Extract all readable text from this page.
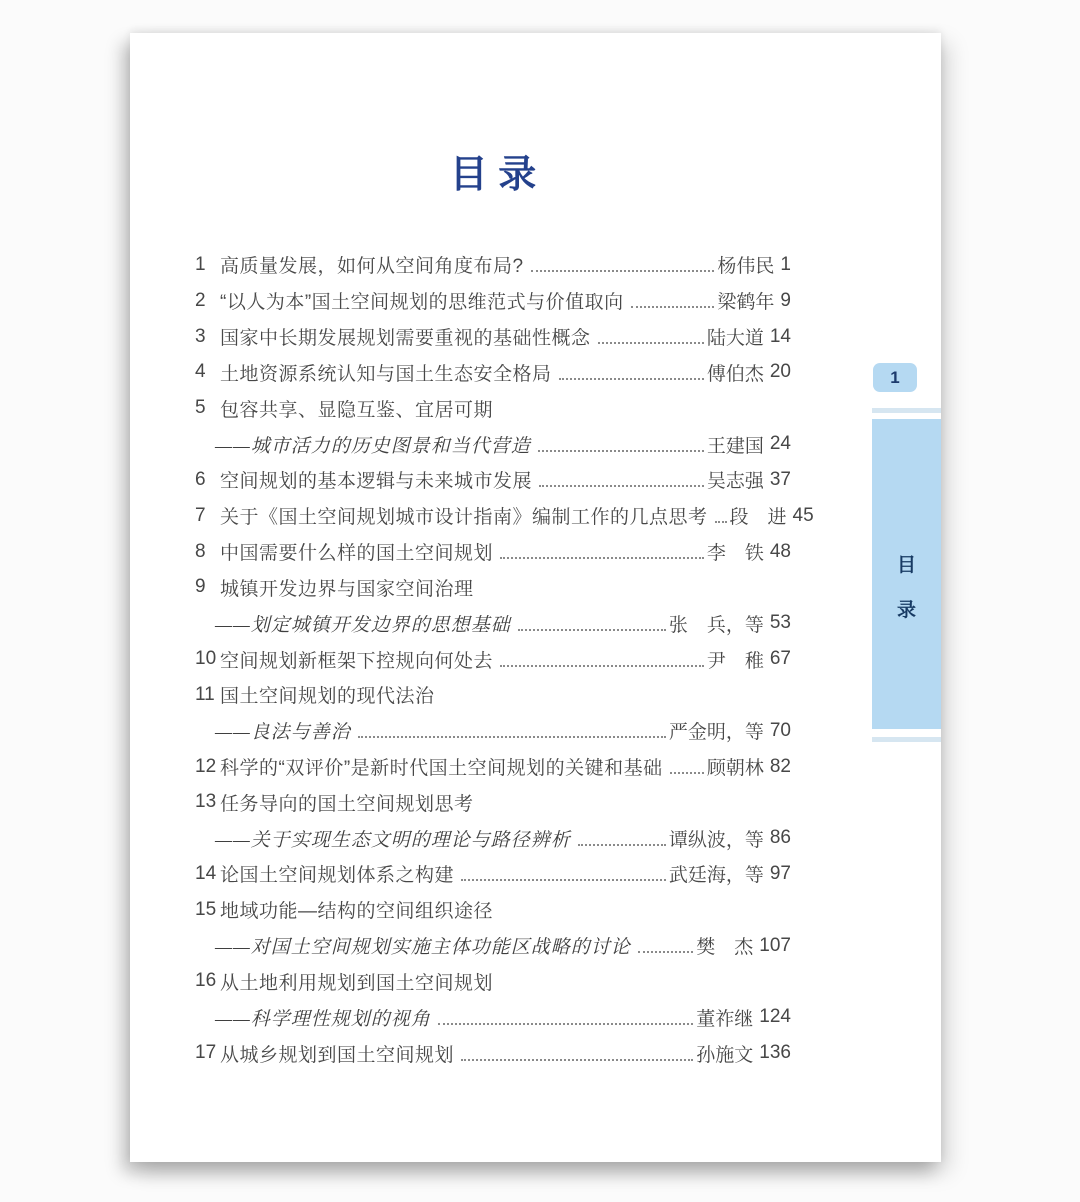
目 录
1 高质量发展，如何从空间角度布局?	杨伟民 1
2 “以人为本”国土空间规划的思维范式与价值取向	梁鹤年 9
3 国家中长期发展规划需要重视的基础性概念	陆大道 14
4 土地资源系统认知与国土生态安全格局	傅伯杰 20
5 包容共享、显隐互鉴、宜居可期
——城市活力的历史图景和当代营造	王建国 24
6 空间规划的基本逻辑与未来城市发展	吴志强 37
7 关于《国土空间规划城市设计指南》编制工作的几点思考 段　进 45
8 中国需要什么样的国土空间规划	李　铁 48
9 城镇开发边界与国家空间治理
——划定城镇开发边界的思想基础	张　兵，等 53
10 空间规划新框架下控规向何处去	尹　稚 67
11 国土空间规划的现代法治
——良法与善治	严金明，等 70
12 科学的“双评价”是新时代国土空间规划的关键和基础 顾朝林 82
13 任务导向的国土空间规划思考
——关于实现生态文明的理论与路径辨析	谭纵波，等 86
14 论国土空间规划体系之构建	武廷海，等 97
15 地域功能—结构的空间组织途径
——对国土空间规划实施主体功能区战略的讨论	樊　杰 107
16 从土地利用规划到国土空间规划
——科学理性规划的视角	董祚继 124
17 从城乡规划到国土空间规划	孙施文 136
1
目
录
